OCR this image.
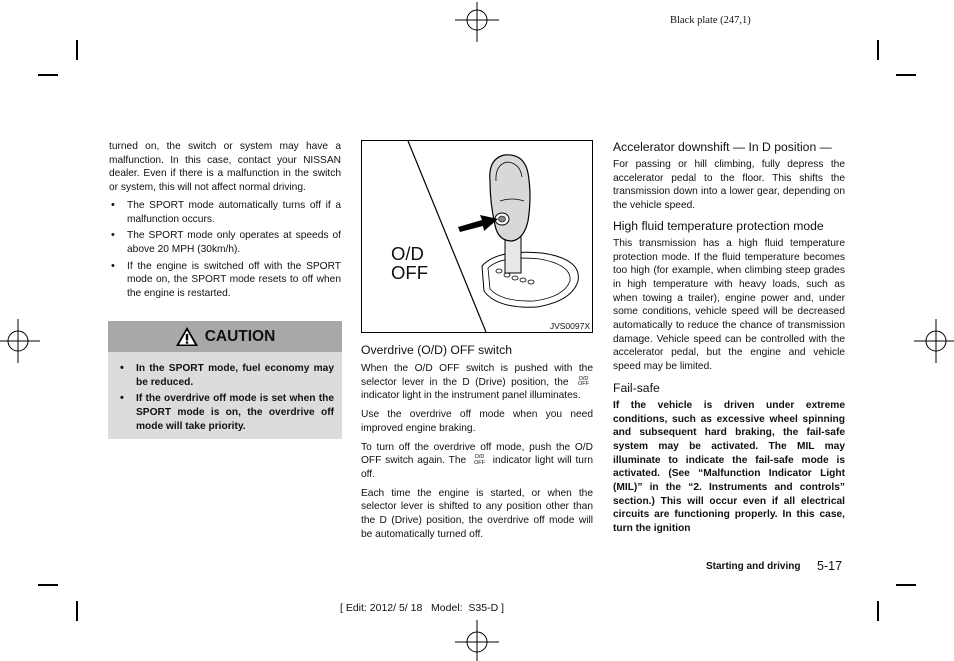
Black plate (247,1)

turned on, the switch or system may have a malfunction. In this case, contact your NISSAN dealer. Even if there is a malfunction in the switch or system, this will not affect normal driving.

• The SPORT mode automatically turns off if a malfunction occurs.
• The SPORT mode only operates at speeds of above 20 MPH (30km/h).
• If the engine is switched off with the SPORT mode on, the SPORT mode resets to off when the engine is restarted.
CAUTION
• In the SPORT mode, fuel economy may be reduced.
• If the overdrive off mode is set when the SPORT mode is on, the overdrive off mode will take priority.
O/D
OFF
JVS0097X
Overdrive (O/D) OFF switch

When the O/D OFF switch is pushed with the selector lever in the D (Drive) position, the O/D
OFF indicator light in the instrument panel illuminates.

Use the overdrive off mode when you need improved engine braking.

To turn off the overdrive off mode, push the O/D OFF switch again. The O/D
OFF indicator light will turn off.

Each time the engine is started, or when the selector lever is shifted to any position other than the D (Drive) position, the overdrive off mode will be automatically turned off.

Accelerator downshift — In D position —

For passing or hill climbing, fully depress the accelerator pedal to the floor. This shifts the transmission down into a lower gear, depending on the vehicle speed.

High fluid temperature protection mode

This transmission has a high fluid temperature protection mode. If the fluid temperature becomes too high (for example, when climbing steep grades in high temperature with heavy loads, such as when towing a trailer), engine power and, under some conditions, vehicle speed will be decreased automatically to reduce the chance of transmission damage. Vehicle speed can be controlled with the accelerator pedal, but the engine and vehicle speed may be limited.

Fail-safe

If the vehicle is driven under extreme conditions, such as excessive wheel spinning and subsequent hard braking, the fail-safe system may be activated. The MIL may illuminate to indicate the fail-safe mode is activated. (See “Malfunction Indicator Light (MIL)” in the “2. Instruments and controls” section.) This will occur even if all electrical circuits are functioning properly. In this case, turn the ignition

Starting and driving 5-17
[ Edit: 2012/ 5/ 18   Model:  S35-D ]
